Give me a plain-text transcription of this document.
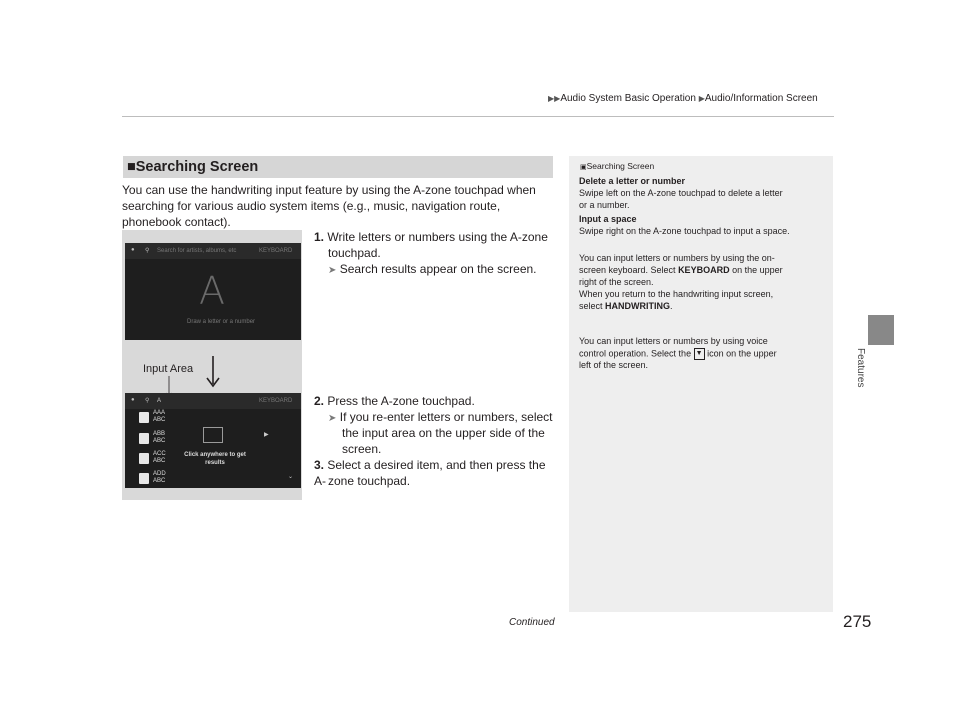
▶▶Audio System Basic Operation ▶Audio/Information Screen
Features
■Searching Screen
You can use the handwriting input feature by using the A-zone touchpad when searching for various audio system items (e.g., music, navigation route, phonebook contact).
● ⚲ Search for artists, albums, etc	KEYBOARD
A
Draw a letter or a number
Input Area
● ⚲ A	KEYBOARD
AAA
ABC
ABB
ABC
ACC
ABC
ADD
ABC
Click anywhere to get
results
▶
⌄
1. Write letters or numbers using the A-zone
touchpad.
➤ Search results appear on the screen.
2. Press the A-zone touchpad.
➤ If you re-enter letters or numbers, select
the input area on the upper side of the
screen.
3. Select a desired item, and then press the A- zone touchpad.
▣Searching Screen
Delete a letter or number
Swipe left on the A-zone touchpad to delete a letter
or a number.
Input a space
Swipe right on the A-zone touchpad to input a space.
You can input letters or numbers by using the on-
screen keyboard. Select KEYBOARD on the upper
right of the screen.
When you return to the handwriting input screen,
select HANDWRITING.
You can input letters or numbers by using voice
control operation. Select the ▼ icon on the upper
left of the screen.
Continued	275
